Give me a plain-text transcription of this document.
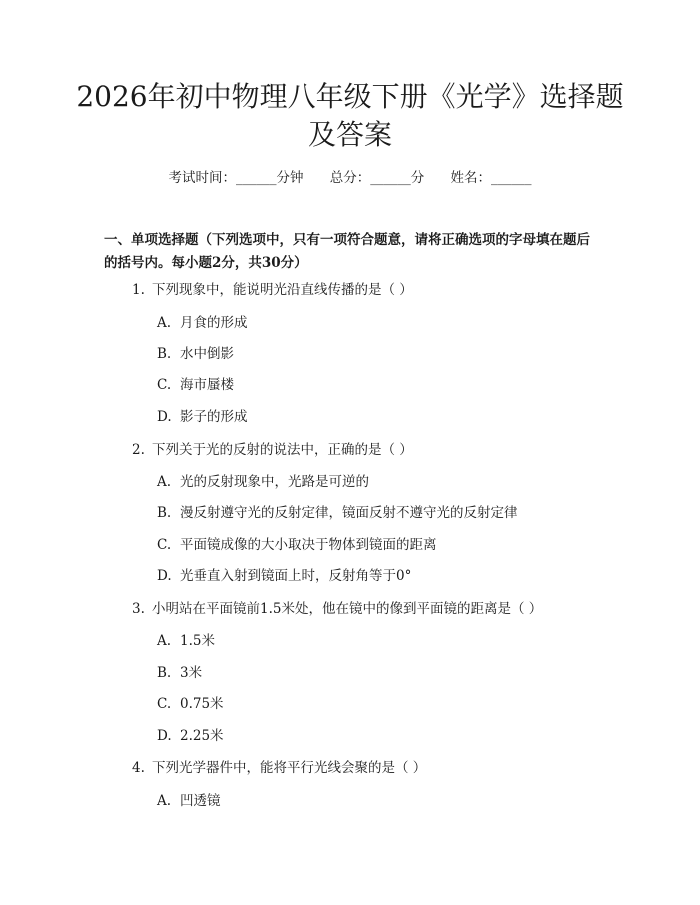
2026年初中物理八年级下册《光学》选择题及答案
考试时间：______分钟 总分：______分 姓名：______

一、单项选择题（下列选项中，只有一项符合题意，请将正确选项的字母填在题后的括号内。每小题2分，共30分）

1. 下列现象中，能说明光沿直线传播的是（ ）
A. 月食的形成
B. 水中倒影
C. 海市蜃楼
D. 影子的形成
2. 下列关于光的反射的说法中，正确的是（ ）
A. 光的反射现象中，光路是可逆的
B. 漫反射遵守光的反射定律，镜面反射不遵守光的反射定律
C. 平面镜成像的大小取决于物体到镜面的距离
D. 光垂直入射到镜面上时，反射角等于0°
3. 小明站在平面镜前1.5米处，他在镜中的像到平面镜的距离是（ ）
A. 1.5米
B. 3米
C. 0.75米
D. 2.25米
4. 下列光学器件中，能将平行光线会聚的是（ ）
A. 凹透镜
